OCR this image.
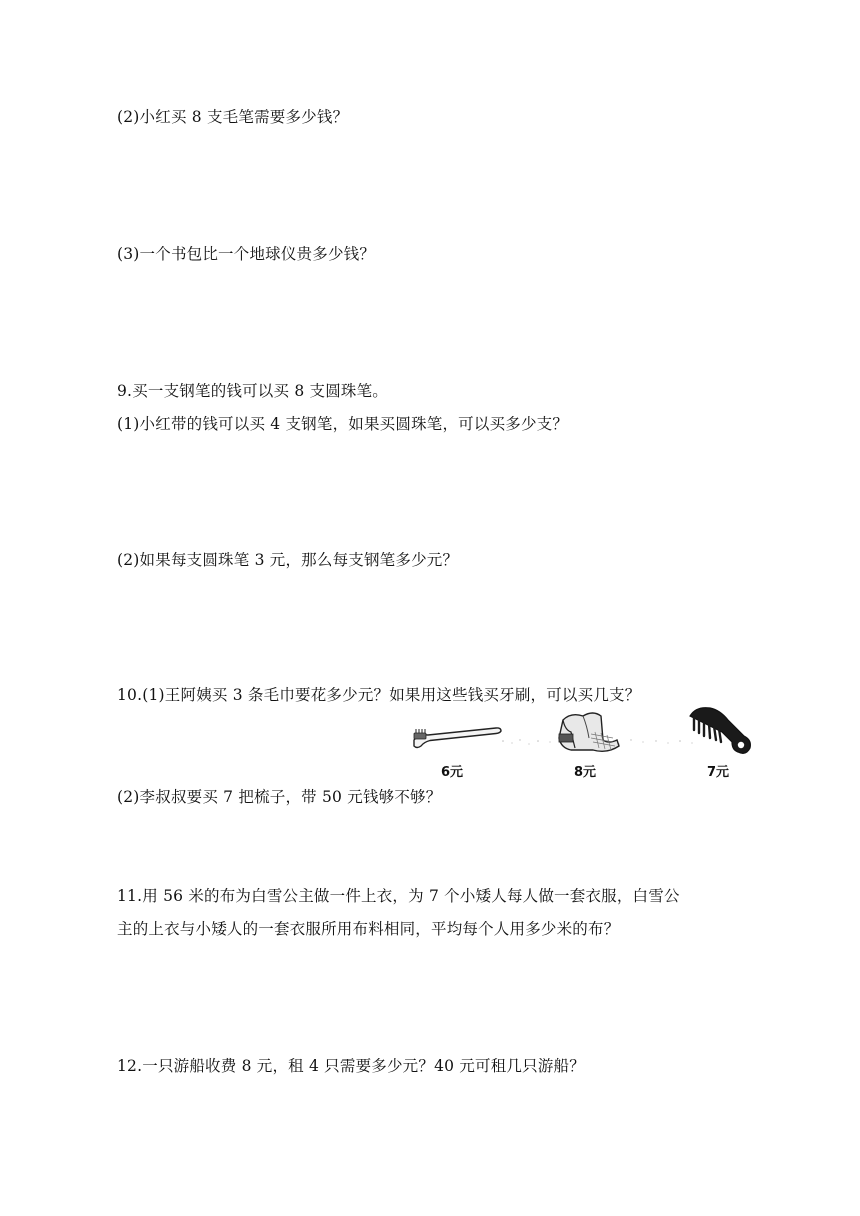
(2)小红买 8 支毛笔需要多少钱？
(3)一个书包比一个地球仪贵多少钱？
9.买一支钢笔的钱可以买 8 支圆珠笔。
(1)小红带的钱可以买 4 支钢笔，如果买圆珠笔，可以买多少支？
(2)如果每支圆珠笔 3 元，那么每支钢笔多少元？
10.(1)王阿姨买 3 条毛巾要花多少元？如果用这些钱买牙刷，可以买几支？
6元	8元	7元
(2)李叔叔要买 7 把梳子，带 50 元钱够不够？
11.用 56 米的布为白雪公主做一件上衣，为 7 个小矮人每人做一套衣服，白雪公
主的上衣与小矮人的一套衣服所用布料相同，平均每个人用多少米的布？
12.一只游船收费 8 元，租 4 只需要多少元？40 元可租几只游船？
